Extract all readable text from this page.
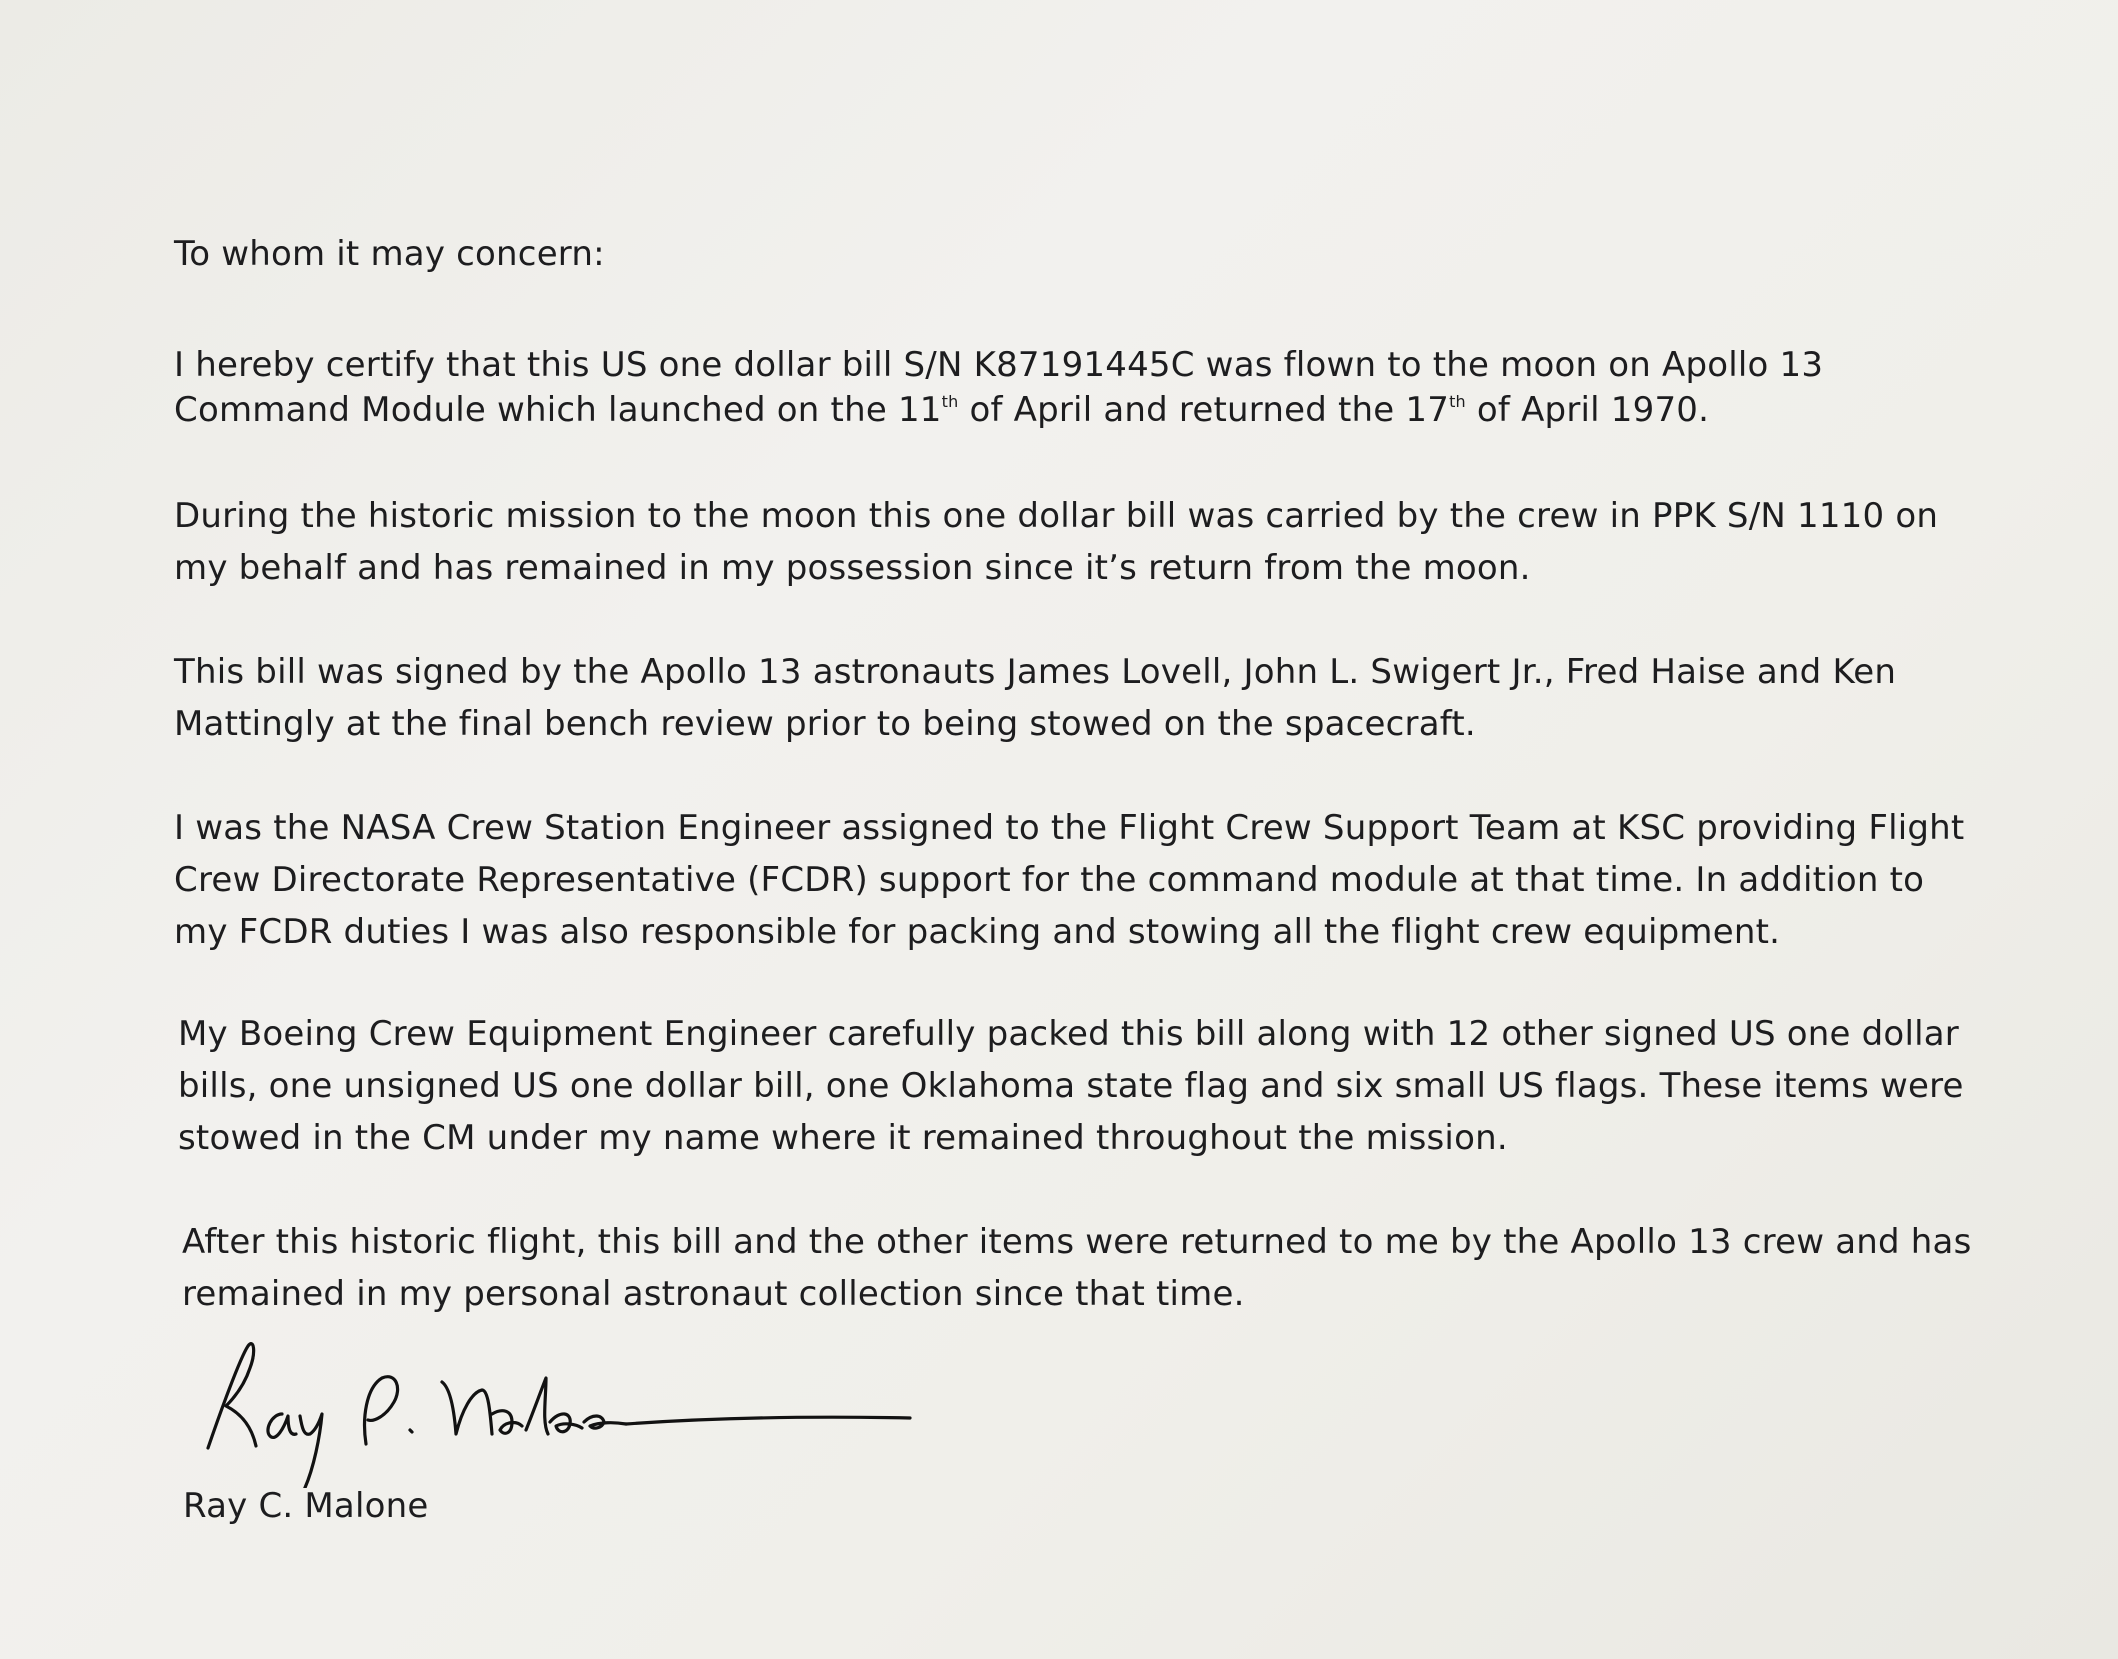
To whom it may concern:
I hereby certify that this US one dollar bill S/N K87191445C was flown to the moon on Apollo 13
Command Module which launched on the 11th of April and returned the 17th of April 1970.
During the historic mission to the moon this one dollar bill was carried by the crew in PPK S/N 1110 on
my behalf and has remained in my possession since it’s return from the moon.
This bill was signed by the Apollo 13 astronauts James Lovell, John L. Swigert Jr., Fred Haise and Ken
Mattingly at the final bench review prior to being stowed on the spacecraft.
I was the NASA Crew Station Engineer assigned to the Flight Crew Support Team at KSC providing Flight
Crew Directorate Representative (FCDR) support for the command module at that time. In addition to
my FCDR duties I was also responsible for packing and stowing all the flight crew equipment.
My Boeing Crew Equipment Engineer carefully packed this bill along with 12 other signed US one dollar
bills, one unsigned US one dollar bill, one Oklahoma state flag and six small US flags. These items were
stowed in the CM under my name where it remained throughout the mission.
After this historic flight, this bill and the other items were returned to me by the Apollo 13 crew and has
remained in my personal astronaut collection since that time.
Ray C. Malone
